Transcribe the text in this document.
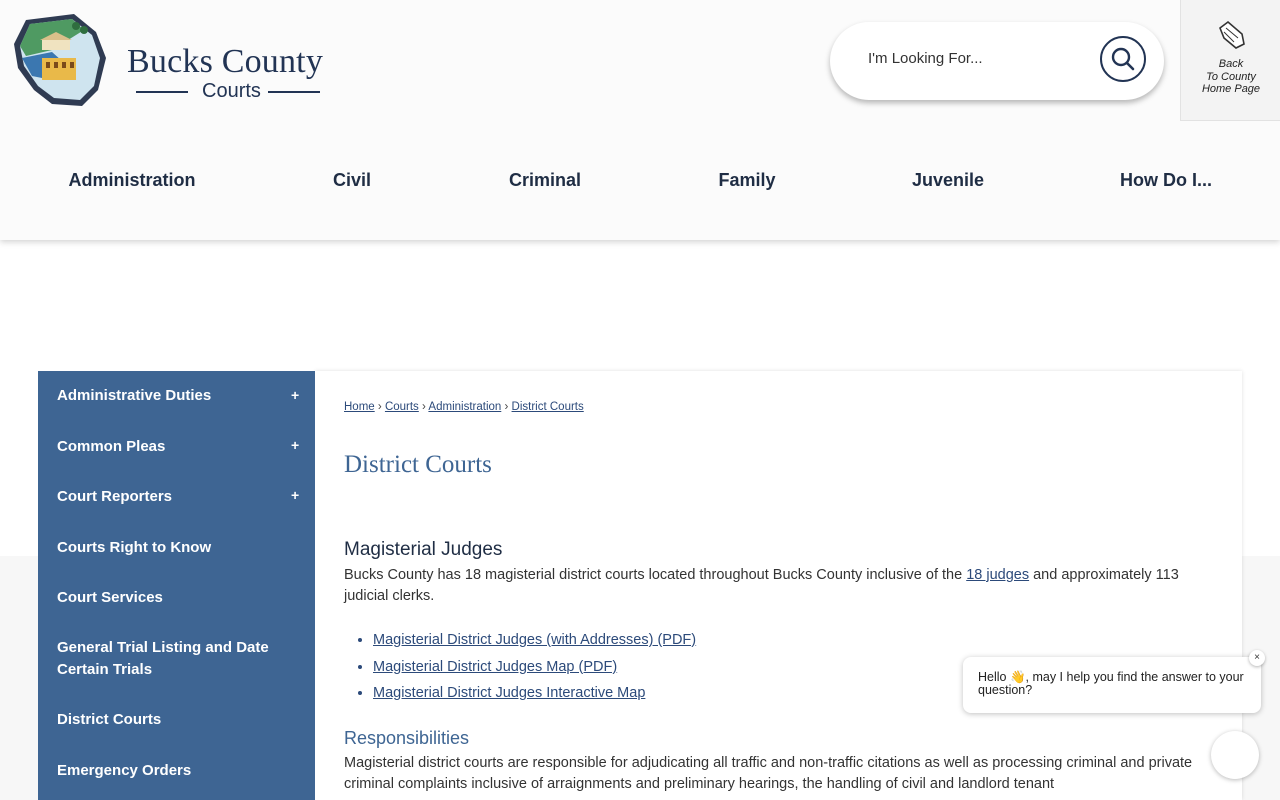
Bucks County
Courts
I'm Looking For...
Back
To County
Home Page
Administration	Civil	Criminal	Family	Juvenile	How Do I...
Administrative Duties	+
Common Pleas	+
Court Reporters	+
Courts Right to Know
Court Services
General Trial Listing and Date Certain Trials
District Courts
Emergency Orders
Home › Courts › Administration › District Courts
District Courts
Magisterial Judges
Bucks County has 18 magisterial district courts located throughout Bucks County inclusive of the 18 judges and approximately 113 judicial clerks.
• Magisterial District Judges (with Addresses) (PDF)
• Magisterial District Judges Map (PDF)
• Magisterial District Judges Interactive Map
Responsibilities
Magisterial district courts are responsible for adjudicating all traffic and non-traffic citations as well as processing criminal and private criminal complaints inclusive of arraignments and preliminary hearings, the handling of civil and landlord tenant
Hello 👋, may I help you find the answer to your question?
×
